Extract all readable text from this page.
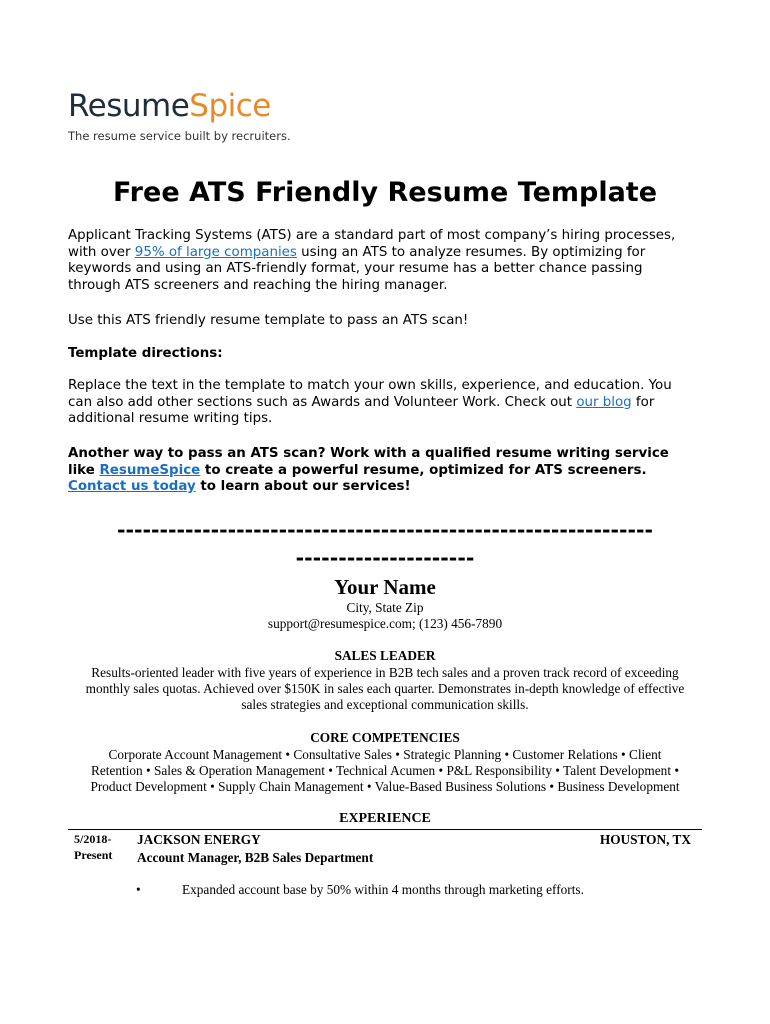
ResumeSpice
The resume service built by recruiters.
Free ATS Friendly Resume Template
Applicant Tracking Systems (ATS) are a standard part of most company’s hiring processes,
with over 95% of large companies using an ATS to analyze resumes. By optimizing for
keywords and using an ATS-friendly format, your resume has a better chance passing
through ATS screeners and reaching the hiring manager.
Use this ATS friendly resume template to pass an ATS scan!
Template directions:
Replace the text in the template to match your own skills, experience, and education. You
can also add other sections such as Awards and Volunteer Work. Check out our blog for
additional resume writing tips.
Another way to pass an ATS scan? Work with a qualified resume writing service
like ResumeSpice to create a powerful resume, optimized for ATS screeners.
Contact us today to learn about our services!
---------------------------------------------------------------
---------------------
Your Name
City, State Zip
support@resumespice.com; (123) 456-7890
SALES LEADER
Results-oriented leader with five years of experience in B2B tech sales and a proven track record of exceeding
monthly sales quotas. Achieved over $150K in sales each quarter. Demonstrates in-depth knowledge of effective
sales strategies and exceptional communication skills.
CORE COMPETENCIES
Corporate Account Management • Consultative Sales • Strategic Planning • Customer Relations • Client
Retention • Sales & Operation Management • Technical Acumen • P&L Responsibility • Talent Development •
Product Development • Supply Chain Management • Value-Based Business Solutions • Business Development
EXPERIENCE
5/2018-
Present
JACKSON ENERGY	HOUSTON, TX
Account Manager, B2B Sales Department
•	Expanded account base by 50% within 4 months through marketing efforts.
